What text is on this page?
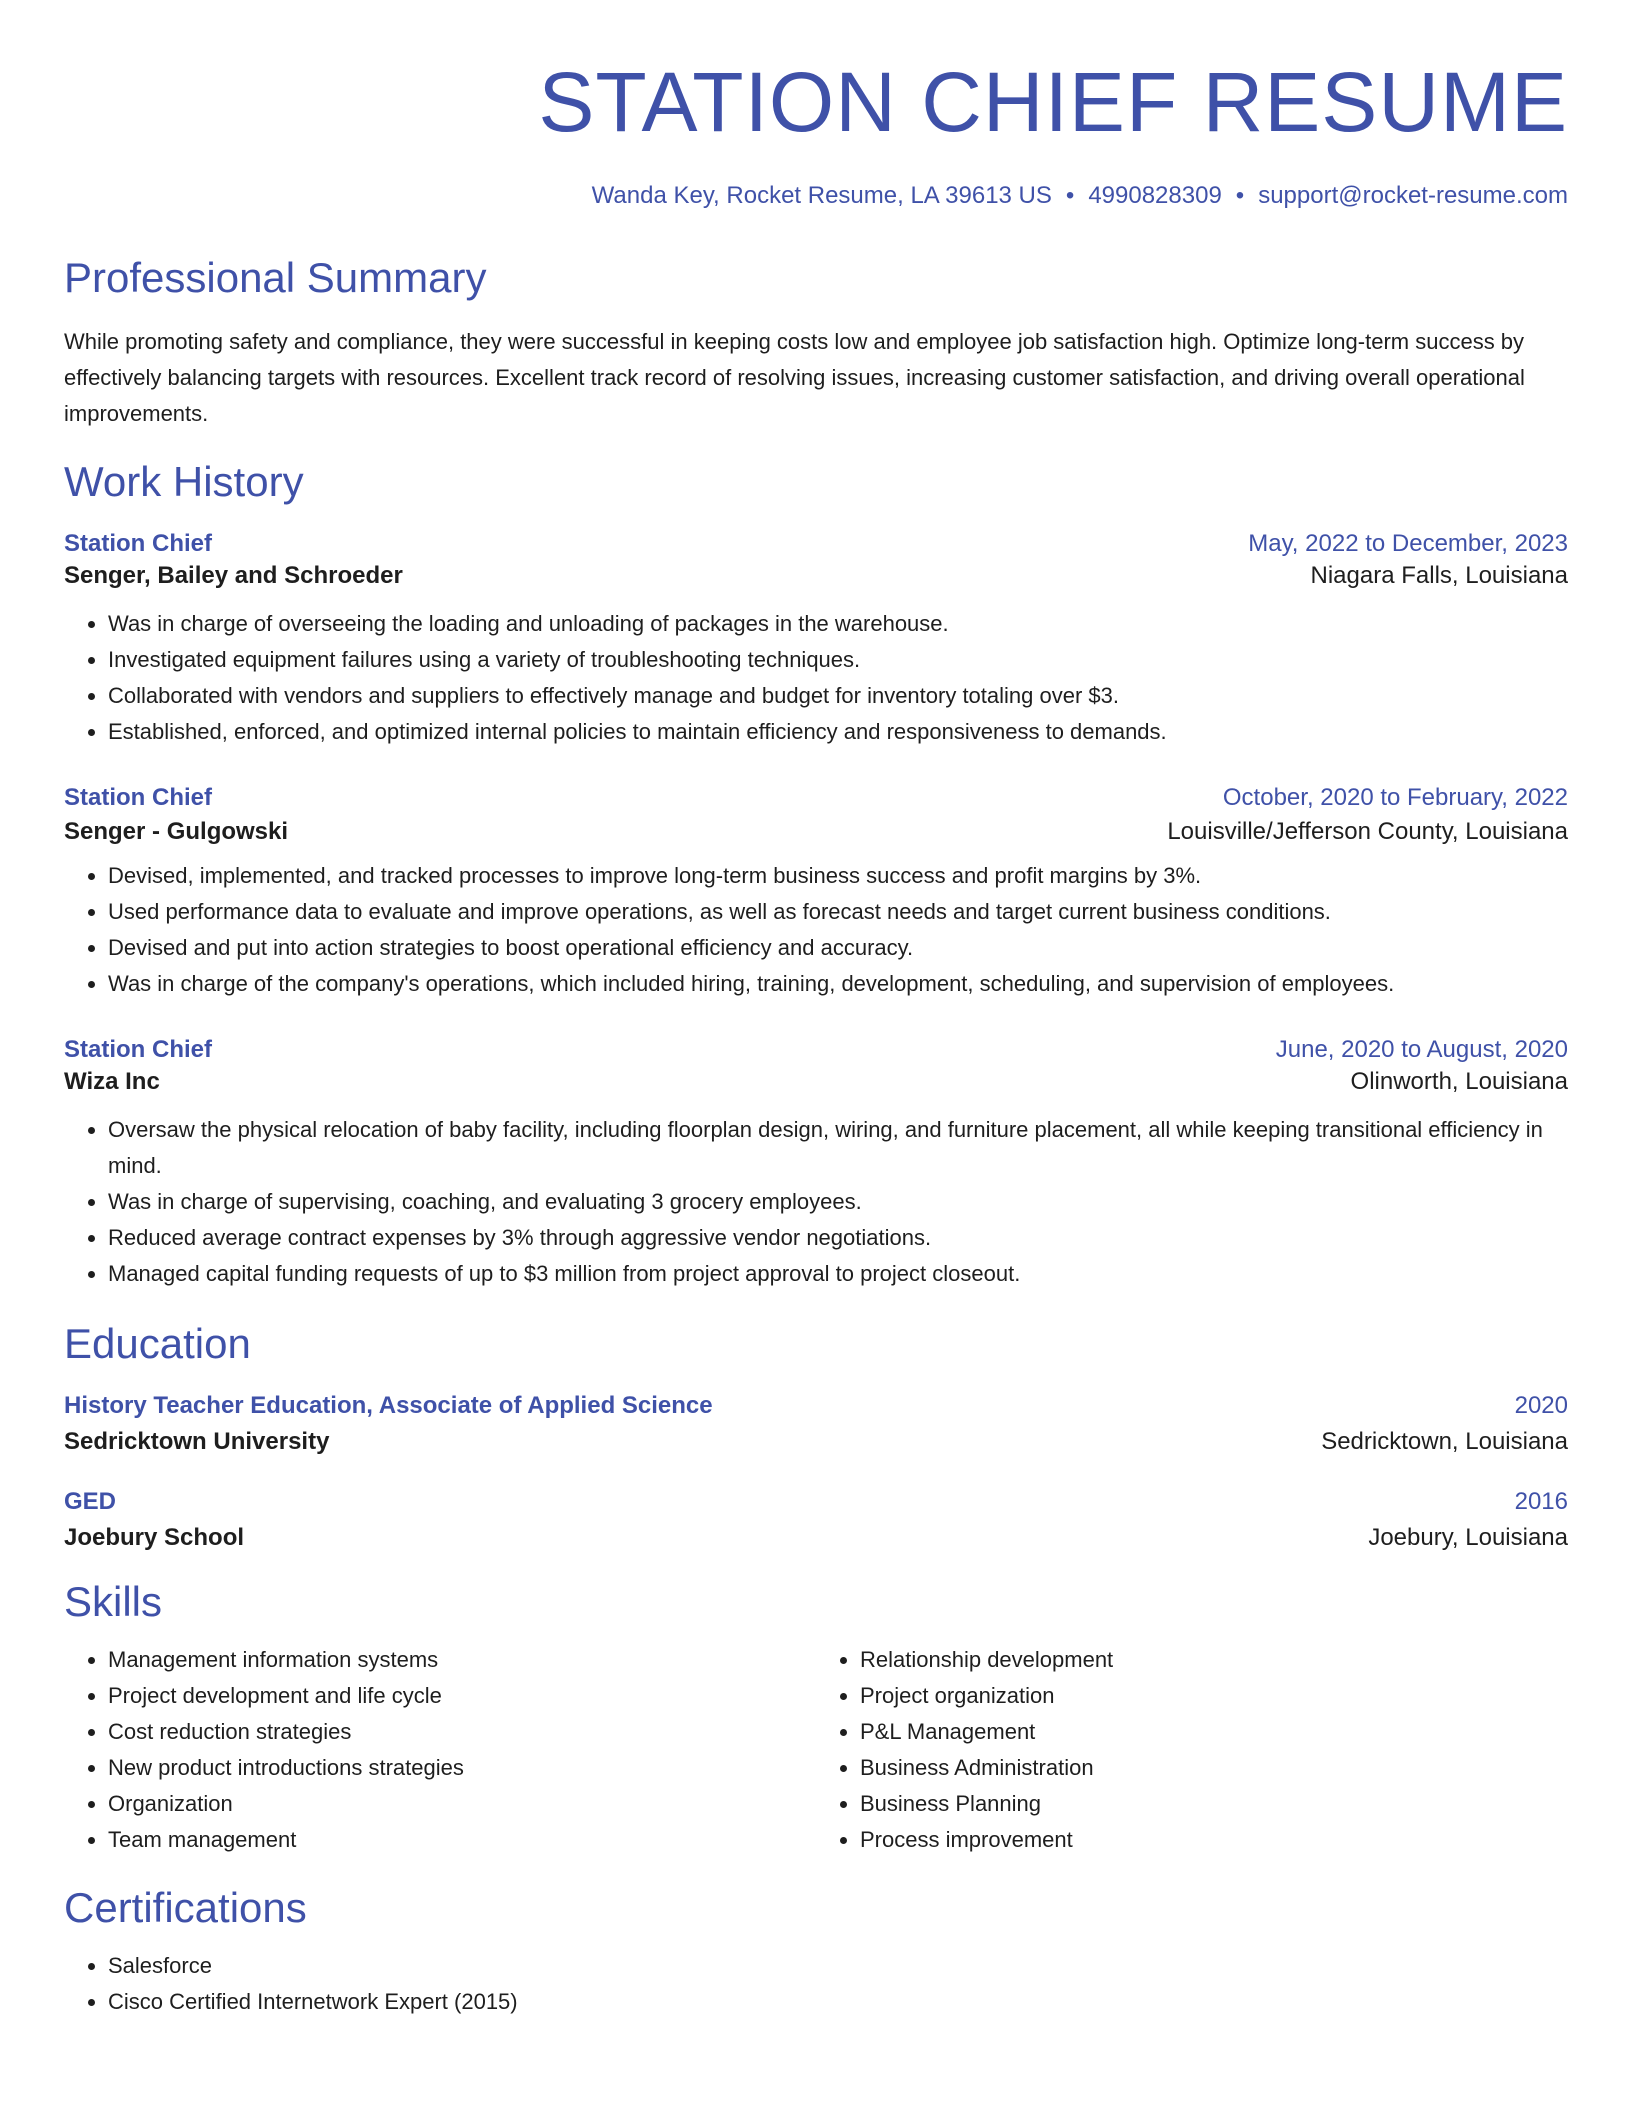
STATION CHIEF RESUME
Wanda Key, Rocket Resume, LA 39613 US • 4990828309 • support@rocket-resume.com
Professional Summary

While promoting safety and compliance, they were successful in keeping costs low and employee job satisfaction high. Optimize long-term success by effectively balancing targets with resources. Excellent track record of resolving issues, increasing customer satisfaction, and driving overall operational improvements.

Work History
Station Chief	May, 2022 to December, 2023
Senger, Bailey and Schroeder	Niagara Falls, Louisiana
• Was in charge of overseeing the loading and unloading of packages in the warehouse.
• Investigated equipment failures using a variety of troubleshooting techniques.
• Collaborated with vendors and suppliers to effectively manage and budget for inventory totaling over $3.
• Established, enforced, and optimized internal policies to maintain efficiency and responsiveness to demands.
Station Chief	October, 2020 to February, 2022
Senger - Gulgowski	Louisville/Jefferson County, Louisiana
• Devised, implemented, and tracked processes to improve long-term business success and profit margins by 3%.
• Used performance data to evaluate and improve operations, as well as forecast needs and target current business conditions.
• Devised and put into action strategies to boost operational efficiency and accuracy.
• Was in charge of the company's operations, which included hiring, training, development, scheduling, and supervision of employees.
Station Chief	June, 2020 to August, 2020
Wiza Inc	Olinworth, Louisiana
• Oversaw the physical relocation of baby facility, including floorplan design, wiring, and furniture placement, all while keeping transitional efficiency in mind.
• Was in charge of supervising, coaching, and evaluating 3 grocery employees.
• Reduced average contract expenses by 3% through aggressive vendor negotiations.
• Managed capital funding requests of up to $3 million from project approval to project closeout.
Education
History Teacher Education, Associate of Applied Science	2020
Sedricktown University	Sedricktown, Louisiana
GED	2016
Joebury School	Joebury, Louisiana
Skills
• Management information systems
• Project development and life cycle
• Cost reduction strategies
• New product introductions strategies
• Organization
• Team management
• Relationship development
• Project organization
• P&L Management
• Business Administration
• Business Planning
• Process improvement
Certifications
• Salesforce
• Cisco Certified Internetwork Expert (2015)
